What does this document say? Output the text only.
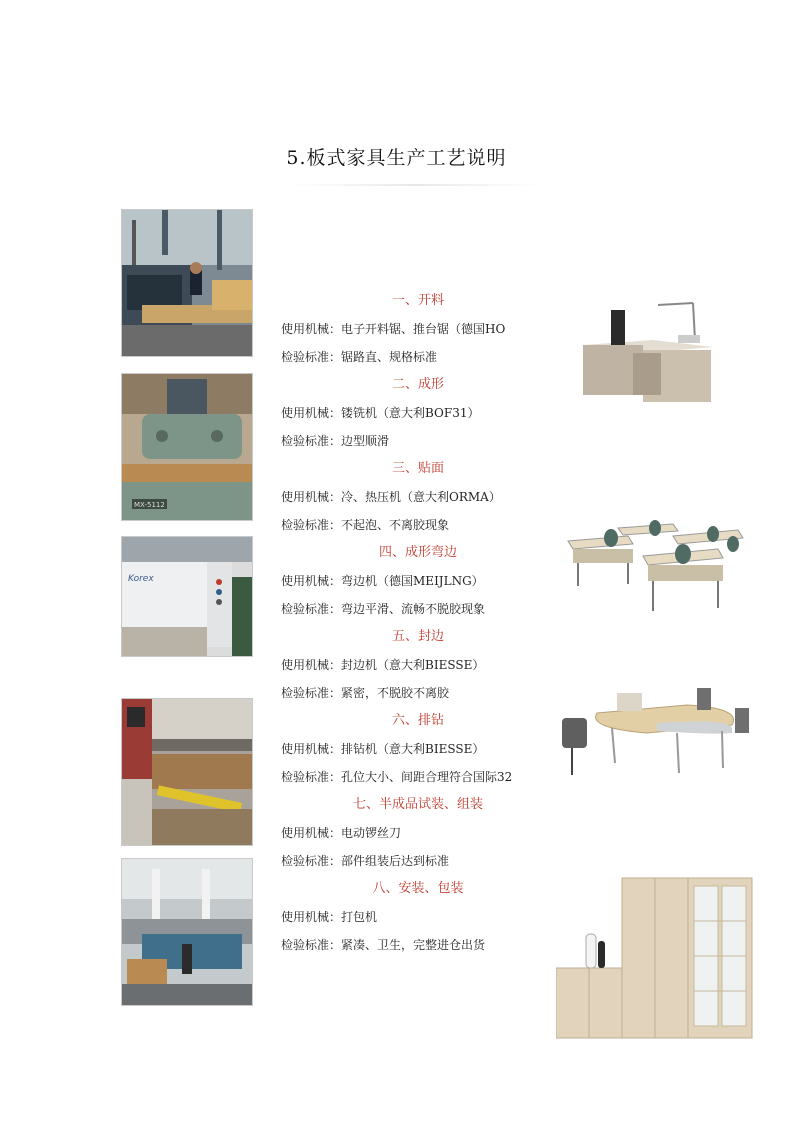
5.板式家具生产工艺说明
MX-5112
Korex
一、开料
使用机械：电子开料锯、推台锯（德国HO
检验标准：锯路直、规格标准
二、成形
使用机械：镂铣机（意大利BOF31）
检验标准：边型顺滑
三、贴面
使用机械：冷、热压机（意大利ORMA）
检验标准：不起泡、不离胶现象
四、成形弯边
使用机械：弯边机（德国MEIJLNG）
检验标准：弯边平滑、流畅不脱胶现象
五、封边
使用机械：封边机（意大利BIESSE）
检验标准：紧密，不脱胶不离胶
六、排钻
使用机械：排钻机（意大利BIESSE）
检验标准：孔位大小、间距合理符合国际32
七、半成品试装、组装
使用机械：电动锣丝刀
检验标准：部件组装后达到标准
八、安装、包装
使用机械：打包机
检验标准：紧凑、卫生，完整进仓出货
